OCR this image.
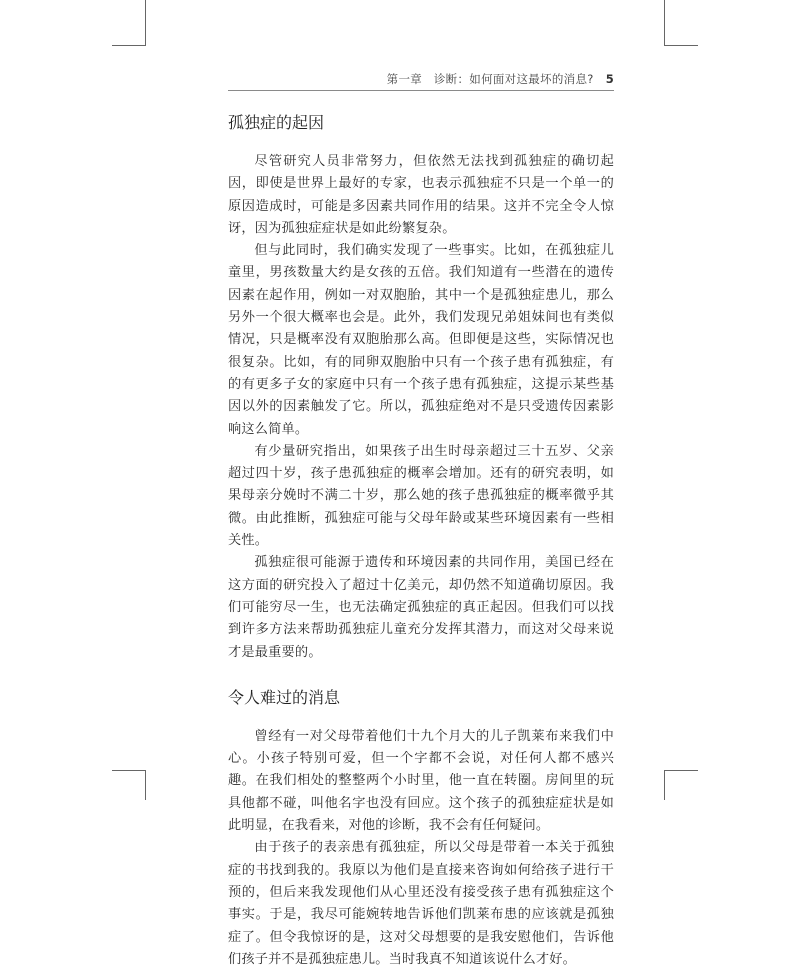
第一章　诊断：如何面对这最坏的消息? 5
孤独症的起因

尽管研究人员非常努力，但依然无法找到孤独症的确切起因，即使是世界上最好的专家，也表示孤独症不只是一个单一的原因造成时，可能是多因素共同作用的结果。这并不完全令人惊讶，因为孤独症症状是如此纷繁复杂。

但与此同时，我们确实发现了一些事实。比如，在孤独症儿童里，男孩数量大约是女孩的五倍。我们知道有一些潜在的遗传因素在起作用，例如一对双胞胎，其中一个是孤独症患儿，那么另外一个很大概率也会是。此外，我们发现兄弟姐妹间也有类似情况，只是概率没有双胞胎那么高。但即便是这些，实际情况也很复杂。比如，有的同卵双胞胎中只有一个孩子患有孤独症，有的有更多子女的家庭中只有一个孩子患有孤独症，这提示某些基因以外的因素触发了它。所以，孤独症绝对不是只受遗传因素影响这么简单。

有少量研究指出，如果孩子出生时母亲超过三十五岁、父亲超过四十岁，孩子患孤独症的概率会增加。还有的研究表明，如果母亲分娩时不满二十岁，那么她的孩子患孤独症的概率微乎其微。由此推断，孤独症可能与父母年龄或某些环境因素有一些相关性。

孤独症很可能源于遗传和环境因素的共同作用，美国已经在这方面的研究投入了超过十亿美元，却仍然不知道确切原因。我们可能穷尽一生，也无法确定孤独症的真正起因。但我们可以找到许多方法来帮助孤独症儿童充分发挥其潜力，而这对父母来说才是最重要的。

令人难过的消息

曾经有一对父母带着他们十九个月大的儿子凯莱布来我们中心。小孩子特别可爱，但一个字都不会说，对任何人都不感兴趣。在我们相处的整整两个小时里，他一直在转圈。房间里的玩具他都不碰，叫他名字也没有回应。这个孩子的孤独症症状是如此明显，在我看来，对他的诊断，我不会有任何疑问。

由于孩子的表亲患有孤独症，所以父母是带着一本关于孤独症的书找到我的。我原以为他们是直接来咨询如何给孩子进行干预的，但后来我发现他们从心里还没有接受孩子患有孤独症这个事实。于是，我尽可能婉转地告诉他们凯莱布患的应该就是孤独症了。但令我惊讶的是，这对父母想要的是我安慰他们，告诉他们孩子并不是孤独症患儿。当时我真不知道该说什么才好。
